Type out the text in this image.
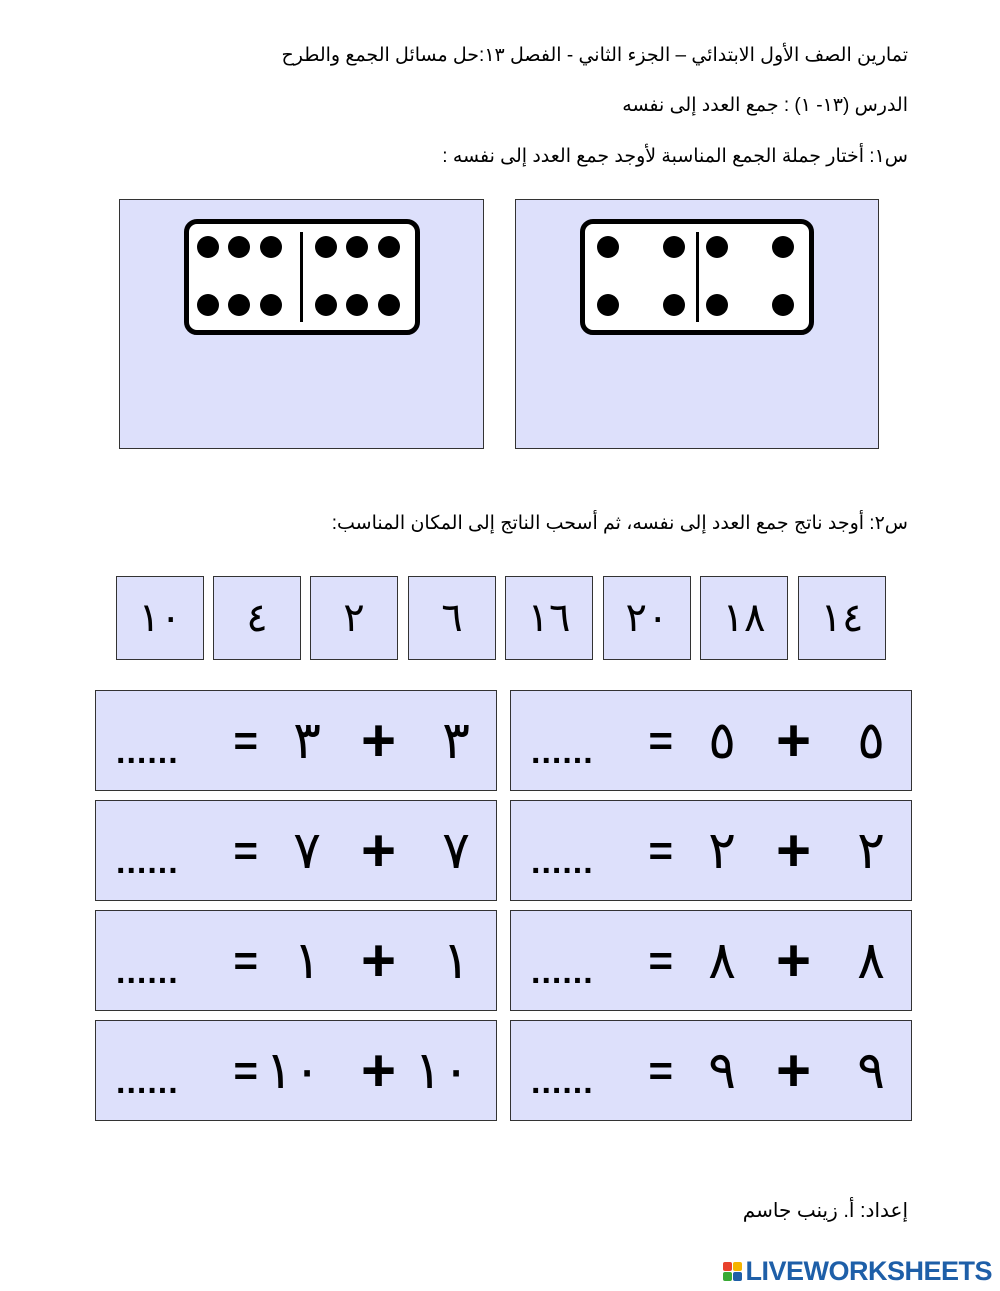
تمارين الصف الأول الابتدائي – الجزء الثاني - الفصل ١٣:حل مسائل الجمع والطرح
الدرس (١٣- ١) : جمع العدد إلى نفسه
س١: أختار جملة الجمع المناسبة لأوجد جمع العدد إلى نفسه :
س٢: أوجد ناتج جمع العدد إلى نفسه، ثم أسحب الناتج إلى المكان المناسب:
١٤
١٨
٢٠
١٦
٦
٢
٤
١٠
٥
+
٥
=
......
٣
+
٣
=
......
٢
+
٢
=
......
٧
+
٧
=
......
٨
+
٨
=
......
١
+
١
=
......
٩
+
٩
=
......
١٠
+
١٠
=
......
إعداد: أ. زينب جاسم
LIVEWORKSHEETS
